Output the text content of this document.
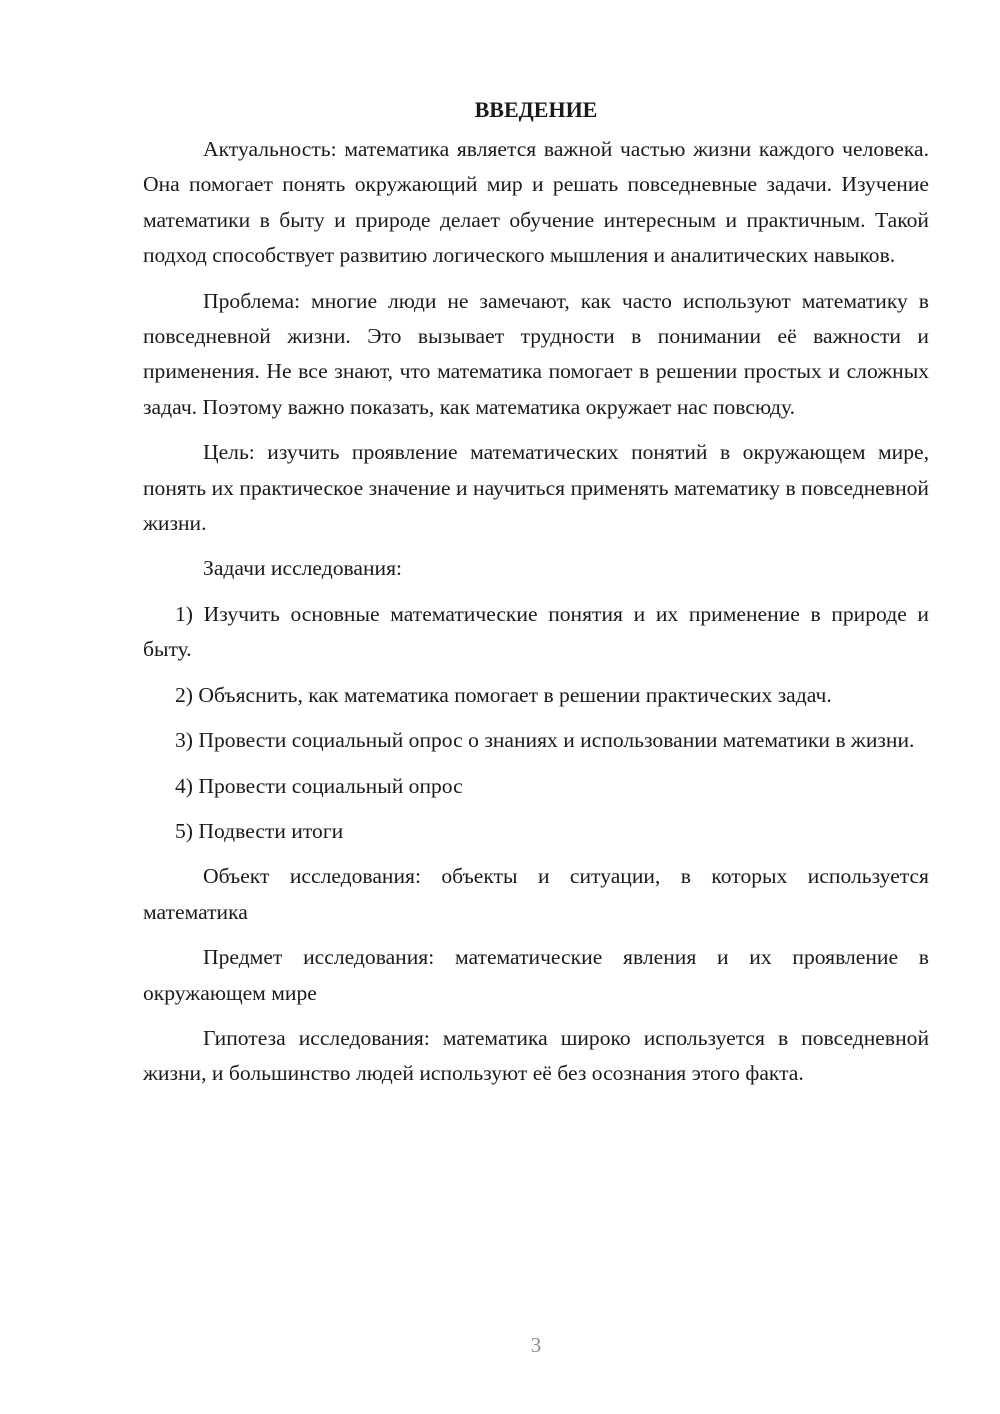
ВВЕДЕНИЕ

Актуальность: математика является важной частью жизни каждого человека. Она помогает понять окружающий мир и решать повседневные задачи. Изучение математики в быту и природе делает обучение интересным и практичным. Такой подход способствует развитию логического мышления и аналитических навыков.

Проблема: многие люди не замечают, как часто используют математику в повседневной жизни. Это вызывает трудности в понимании её важности и применения. Не все знают, что математика помогает в решении простых и сложных задач. Поэтому важно показать, как математика окружает нас повсюду.

Цель: изучить проявление математических понятий в окружающем мире, понять их практическое значение и научиться применять математику в повседневной жизни.

Задачи исследования:

1) Изучить основные математические понятия и их применение в природе и быту.

2) Объяснить, как математика помогает в решении практических задач.

3) Провести социальный опрос о знаниях и использовании математики в жизни.

4) Провести социальный опрос

5) Подвести итоги

Объект исследования: объекты и ситуации, в которых используется математика

Предмет исследования: математические явления и их проявление в окружающем мире

Гипотеза исследования: математика широко используется в повседневной жизни, и большинство людей используют её без осознания этого факта.

3
